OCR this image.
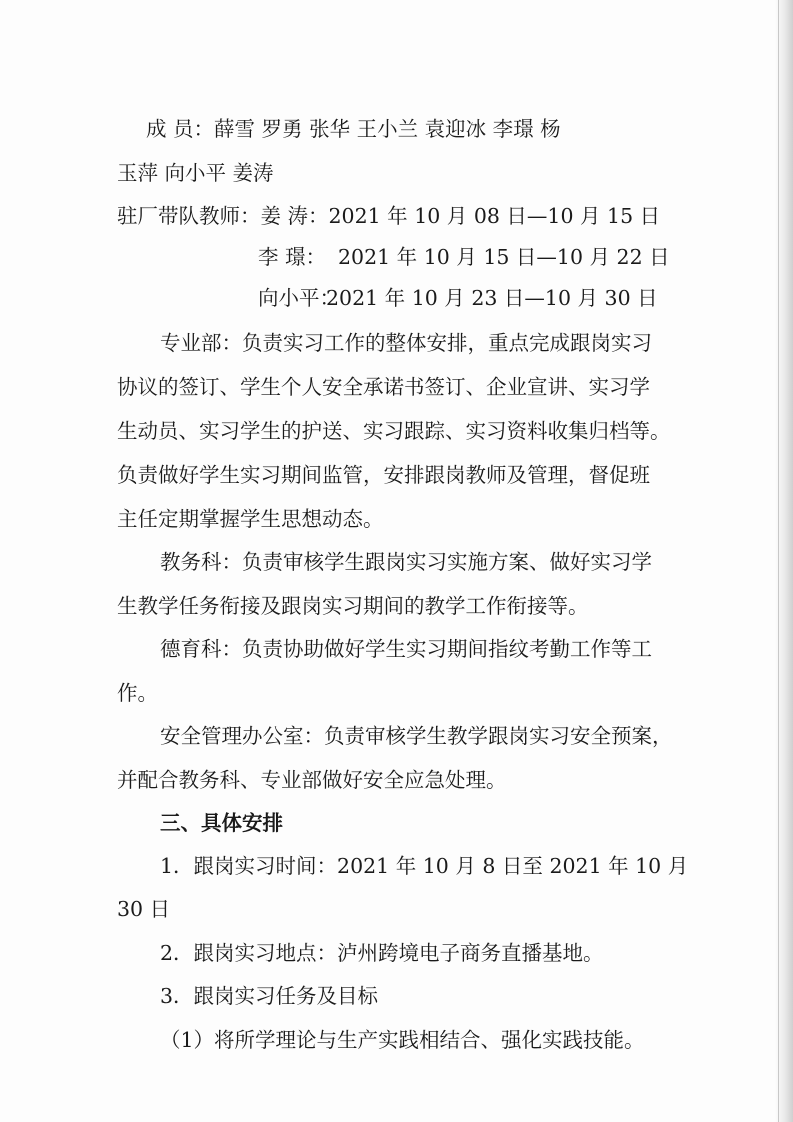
成 员：薛雪 罗勇 张华 王小兰 袁迎冰 李璟 杨
玉萍 向小平 姜涛
驻厂带队教师：姜 涛：2021 年 10 月 08 日—10 月 15 日
李 璟： 2021 年 10 月 15 日—10 月 22 日
向小平：2021 年 10 月 23 日—10 月 30 日
专业部：负责实习工作的整体安排，重点完成跟岗实习
协议的签订、学生个人安全承诺书签订、企业宣讲、实习学
生动员、实习学生的护送、实习跟踪、实习资料收集归档等。
负责做好学生实习期间监管，安排跟岗教师及管理，督促班
主任定期掌握学生思想动态。
教务科：负责审核学生跟岗实习实施方案、做好实习学
生教学任务衔接及跟岗实习期间的教学工作衔接等。
德育科：负责协助做好学生实习期间指纹考勤工作等工
作。
安全管理办公室：负责审核学生教学跟岗实习安全预案，
并配合教务科、专业部做好安全应急处理。
三、具体安排
1．跟岗实习时间：2021 年 10 月 8 日至 2021 年 10 月
30 日
2．跟岗实习地点：泸州跨境电子商务直播基地。
3．跟岗实习任务及目标
（1）将所学理论与生产实践相结合、强化实践技能。
